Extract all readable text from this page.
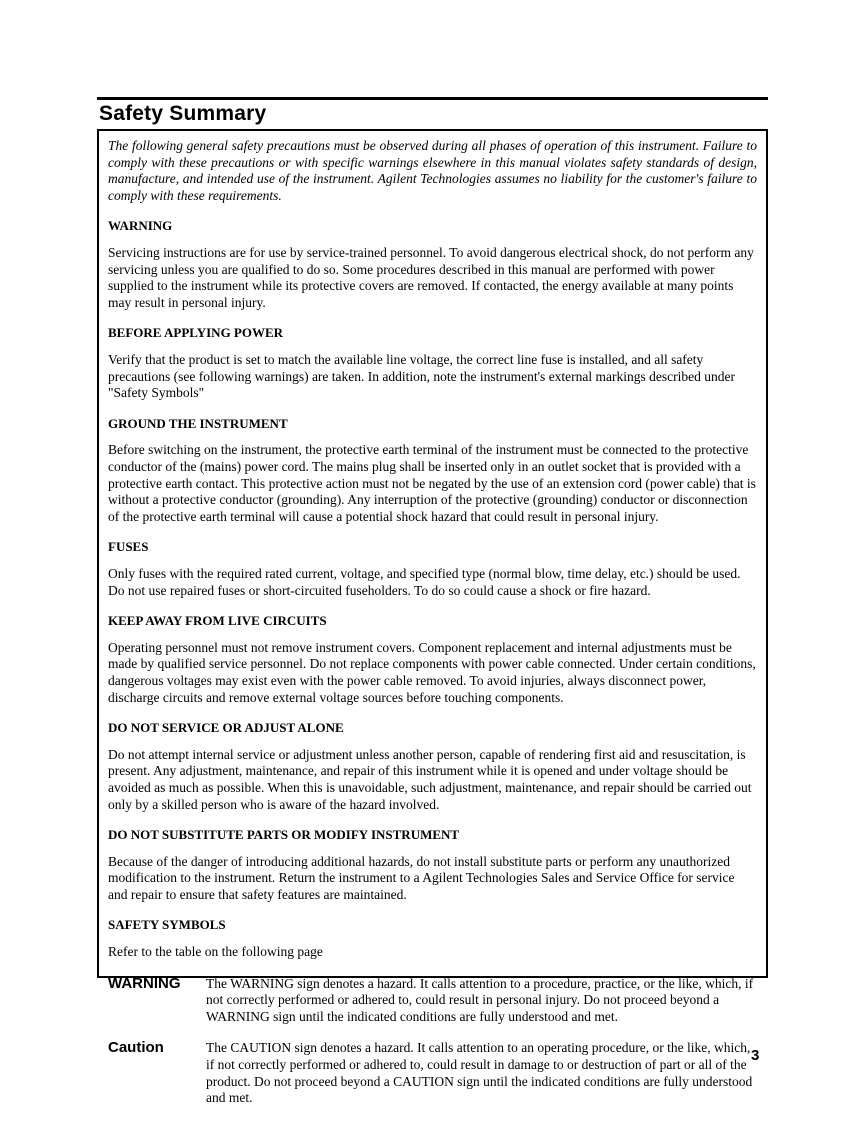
Safety Summary

The following general safety precautions must be observed during all phases of operation of this instrument. Failure to comply with these precautions or with specific warnings elsewhere in this manual violates safety standards of design, manufacture, and intended use of the instrument. Agilent Technologies assumes no liability for the customer's failure to comply with these requirements.

WARNING

Servicing instructions are for use by service-trained personnel. To avoid dangerous electrical shock, do not perform any servicing unless you are qualified to do so. Some procedures described in this manual are performed with power supplied to the instrument while its protective covers are removed. If contacted, the energy available at many points may result in personal injury.

BEFORE APPLYING POWER

Verify that the product is set to match the available line voltage, the correct line fuse is installed, and all safety precautions (see following warnings) are taken. In addition, note the instrument's external markings described under "Safety Symbols"

GROUND THE INSTRUMENT

Before switching on the instrument, the protective earth terminal of the instrument must be connected to the protective conductor of the (mains) power cord. The mains plug shall be inserted only in an outlet socket that is provided with a protective earth contact. This protective action must not be negated by the use of an extension cord (power cable) that is without a protective conductor (grounding). Any interruption of the protective (grounding) conductor or disconnection of the protective earth terminal will cause a potential shock hazard that could result in personal injury.

FUSES

Only fuses with the required rated current, voltage, and specified type (normal blow, time delay, etc.) should be used. Do not use repaired fuses or short-circuited fuseholders. To do so could cause a shock or fire hazard.

KEEP AWAY FROM LIVE CIRCUITS

Operating personnel must not remove instrument covers. Component replacement and internal adjustments must be made by qualified service personnel. Do not replace components with power cable connected. Under certain conditions, dangerous voltages may exist even with the power cable removed. To avoid injuries, always disconnect power, discharge circuits and remove external voltage sources before touching components.

DO NOT SERVICE OR ADJUST ALONE

Do not attempt internal service or adjustment unless another person, capable of rendering first aid and resuscitation, is present. Any adjustment, maintenance, and repair of this instrument while it is opened and under voltage should be avoided as much as possible. When this is unavoidable, such adjustment, maintenance, and repair should be carried out only by a skilled person who is aware of the hazard involved.

DO NOT SUBSTITUTE PARTS OR MODIFY INSTRUMENT

Because of the danger of introducing additional hazards, do not install substitute parts or perform any unauthorized modification to the instrument. Return the instrument to a Agilent Technologies Sales and Service Office for service and repair to ensure that safety features are maintained.

SAFETY SYMBOLS

Refer to the table on the following page

WARNING	The WARNING sign denotes a hazard. It calls attention to a procedure, practice, or the like, which, if not correctly performed or adhered to, could result in personal injury. Do not proceed beyond a WARNING sign until the indicated conditions are fully understood and met.
Caution	The CAUTION sign denotes a hazard. It calls attention to an operating procedure, or the like, which, if not correctly performed or adhered to, could result in damage to or destruction of part or all of the product. Do not proceed beyond a CAUTION sign until the indicated conditions are fully understood and met.
3
